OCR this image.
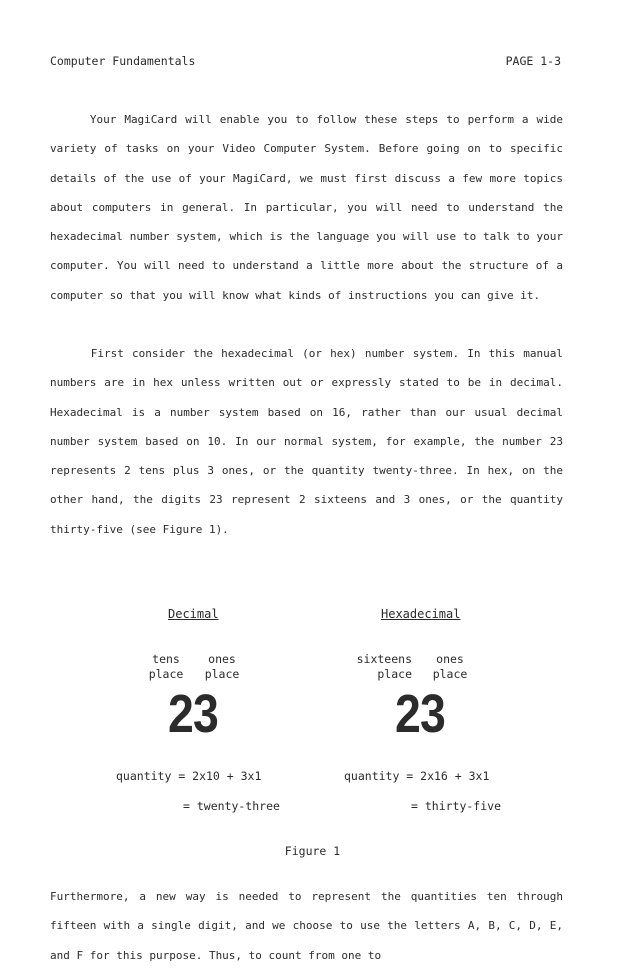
Computer Fundamentals	PAGE 1-3

Your MagiCard will enable you to follow these steps to perform a wide variety of tasks on your Video Computer System. Before going on to specific details of the use of your MagiCard, we must first discuss a few more topics about computers in general. In particular, you will need to understand the hexadecimal number system, which is the language you will use to talk to your computer. You will need to understand a little more about the structure of a computer so that you will know what kinds of instructions you can give it.

First consider the hexadecimal (or hex) number system. In this manual numbers are in hex unless written out or expressly stated to be in decimal. Hexadecimal is a number system based on 16, rather than our usual decimal number system based on 10. In our normal system, for example, the number 23 represents 2 tens plus 3 ones, or the quantity twenty-three. In hex, on the other hand, the digits 23 represent 2 sixteens and 3 ones, or the quantity thirty-five (see Figure 1).

Decimal
tens
place
ones
place
23
quantity = 2x10 + 3x1
= twenty-three
Hexadecimal
sixteens
place
ones
place
23
quantity = 2x16 + 3x1
= thirty-five
Figure 1

Furthermore, a new way is needed to represent the quantities ten through fifteen with a single digit, and we choose to use the letters A, B, C, D, E, and F for this purpose. Thus, to count from one to
